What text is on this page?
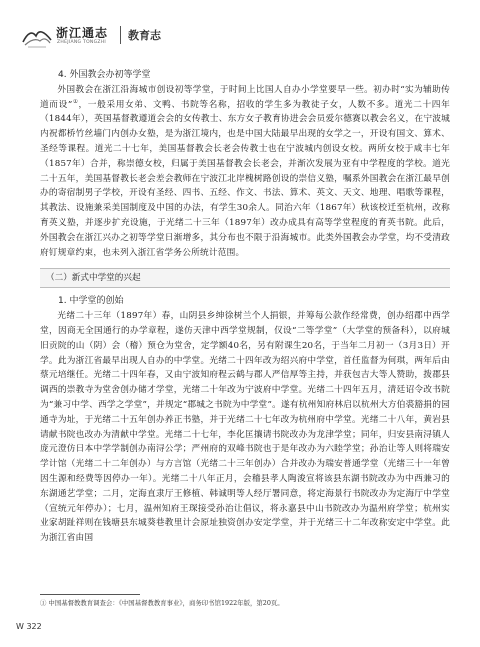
浙江通志
ZHEJIANG TONGZHI
教育志

4. 外国教会办初等学堂

外国教会在浙江沿海城市创设初等学堂，于时间上比国人自办小学堂要早一些。初办时“实为辅助传道而设”①，一般采用女弟、文鸭、书院等名称，招收的学生多为教徒子女，人数不多。道光二十四年（1844年），英国基督教遵道会会的女传教士、东方女子教育协进会会员爱尔德赛以教会名义，在宁波城内祝都桥竹丝墙门内创办女塾，是为浙江境内，也是中国大陆最早出现的女学之一，开设有国文、算术、圣经等课程。道光二十七年，美国基督教会长老会传教士也在宁波城内创设女校。两所女校于咸丰七年（1857年）合并，称崇德女校，归属于美国基督教会长老会，并渐次发展为亚有中学程度的学校。道光二十五年，美国基督教长老会差会教师在宁波江北岸槐树路创设的崇信义塾，嘱系外国教会在浙江最早创办的寄宿制男子学校，开设有圣经、四书、五经、作文、书法、算术、英文、天文、地理、唱歌等课程，其教法、设施兼采美国制度及中国的办法，有学生30余人。同治六年（1867年）秋该校迁至杭州，改称育英义塾，并逐步扩充设施，于光绪二十三年（1897年）改办成具有高等学堂程度的育英书院。此后，外国教会在浙江兴办之初等学堂日渐增多，其分布也不限于沿海城市。此类外国教会办学堂，均不受清政府钉规章约束，也未列入浙江省学务公所统计范围。

（二）新式中学堂的兴起

1. 中学堂的创始

光绪二十三年（1897年）春，山阴县乡绅徐树兰个人捐银，并筹每公款作经常费，创办绍郡中西学堂，因商无全国通行的办学章程，遂仿天津中西学堂规制，仅设“二等学堂”（大学堂的预备科），以府城旧贡院的山（阴）会（稽）预仓为堂舍，定学额40名，另有附课生20名，于当年二月初一（3月3日）开学。此为浙江省最早出现人自办的中学堂。光绪二十四年改为绍兴府中学堂，首任监督为何琪，两年后由蔡元培继任。光绪二十四年春，又由宁波知府程云鹤与郡人严信厚等主持，并获包吉大等人赞助，拨郡县调西的崇教寺为堂舍创办储才学堂，光绪二十年改为宁波府中学堂。光绪二十四年五月，清廷诏令改书院为“兼习中学、西学之学堂”，并规定“郡城之书院为中学堂”。遂有杭州知府林启以杭州大方伯裘豁捐的园通寺为址，于光绪二十五年创办养正书塾，并于光绪二十七年改为杭州府中学堂。光绪二十八年，黄岩县请献书院也改办为清献中学堂。光绪二十七年，李化匡攘请书院改办为龙津学堂；同年，归安县南浔镇人庞元澄仿日本中学学制创办南浔公学；严州府的双峰书院也于是年改办为六睦学堂；孙治让等人则将瑞安学计馆（光绪二十二年创办）与方言馆（光绪二十三年创办）合并改办为瑞安普通学堂（光绪三十一年曾因生源和经费等因停办一年）。光绪二十八年正月，会稽县孝人陶浚宣将该县东湖书院改办为中西兼习的东湖通艺学堂；二月，定海直隶厅王修植、韩诚明等人经厅署同意，将定海景行书院改办为定海厅中学堂（宣统元年停办）；七月，温州知府王琛接受孙治让倡议，将永嘉县中山书院改办为温州府学堂；杭州实业家胡趾祥则在钱塘县东城葵巷教里计会原址独资创办安定学堂，并于光绪三十二年改称安定中学堂。此为浙江省由国

① 中国基督教教育调查会：《中国基督教教育事业》，商务印书馆1922年版，第20页。
W 322
